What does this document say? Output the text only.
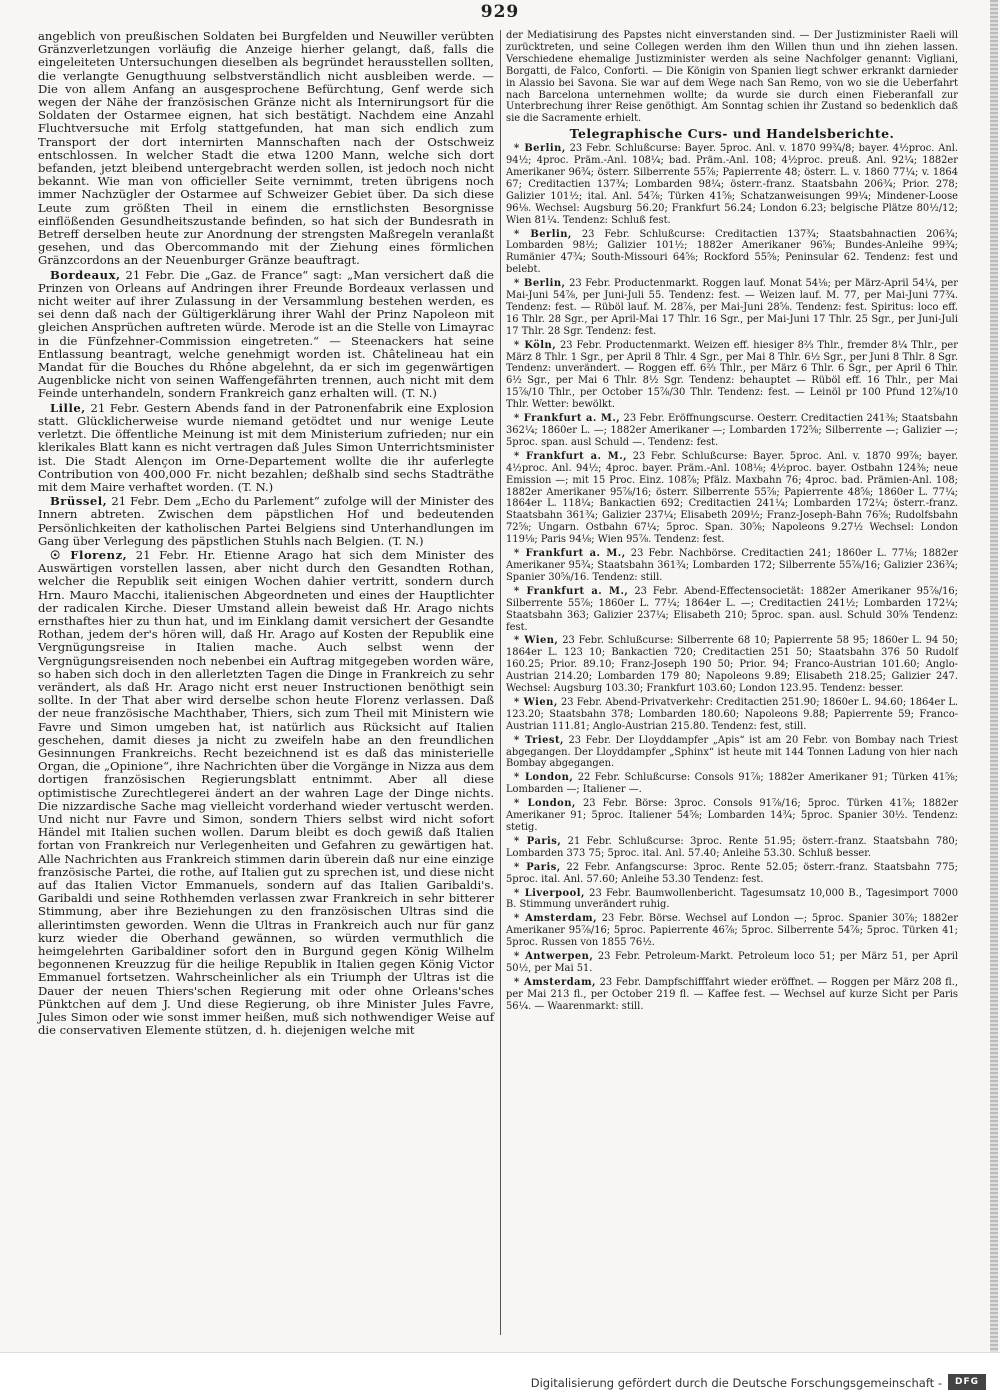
929

angeblich von preußischen Soldaten bei Burgfelden und Neuwiller verübten Gränzverletzungen vorläufig die Anzeige hierher gelangt, daß, falls die eingeleiteten Untersuchungen dieselben als begründet herausstellen sollten, die verlangte Genugthuung selbstverständlich nicht ausbleiben werde. — Die von allem Anfang an ausgesprochene Befürchtung, Genf werde sich wegen der Nähe der französischen Gränze nicht als Internirungsort für die Soldaten der Ostarmee eignen, hat sich bestätigt. Nachdem eine Anzahl Fluchtversuche mit Erfolg stattgefunden, hat man sich endlich zum Transport der dort internirten Mannschaften nach der Ostschweiz entschlossen. In welcher Stadt die etwa 1200 Mann, welche sich dort befanden, jetzt bleibend untergebracht werden sollen, ist jedoch noch nicht bekannt. Wie man von officieller Seite vernimmt, treten übrigens noch immer Nachzügler der Ostarmee auf Schweizer Gebiet über. Da sich diese Leute zum größten Theil in einem die ernstlichsten Besorgnisse einflößenden Gesundheitszustande befinden, so hat sich der Bundesrath in Betreff derselben heute zur Anordnung der strengsten Maßregeln veranlaßt gesehen, und das Obercommando mit der Ziehung eines förmlichen Gränzcordons an der Neuenburger Gränze beauftragt.

Bordeaux, 21 Febr. Die „Gaz. de France“ sagt: „Man versichert daß die Prinzen von Orleans auf Andringen ihrer Freunde Bordeaux verlassen und nicht weiter auf ihrer Zulassung in der Versammlung bestehen werden, es sei denn daß nach der Gültigerklärung ihrer Wahl der Prinz Napoleon mit gleichen Ansprüchen auftreten würde. Merode ist an die Stelle von Limayrac in die Fünfzehner-Commission eingetreten.“ — Steenackers hat seine Entlassung beantragt, welche genehmigt worden ist. Châtelineau hat ein Mandat für die Bouches du Rhône abgelehnt, da er sich im gegenwärtigen Augenblicke nicht von seinen Waffengefährten trennen, auch nicht mit dem Feinde unterhandeln, sondern Frankreich ganz erhalten will. (T. N.)

Lille, 21 Febr. Gestern Abends fand in der Patronenfabrik eine Explosion statt. Glücklicherweise wurde niemand getödtet und nur wenige Leute verletzt. Die öffentliche Meinung ist mit dem Ministerium zufrieden; nur ein klerikales Blatt kann es nicht vertragen daß Jules Simon Unterrichtsminister ist. Die Stadt Alençon im Orne-Departement wollte die ihr auferlegte Contribution von 400,000 Fr. nicht bezahlen; deßhalb sind sechs Stadträthe mit dem Maire verhaftet worden. (T. N.)

Brüssel, 21 Febr. Dem „Echo du Parlement“ zufolge will der Minister des Innern abtreten. Zwischen dem päpstlichen Hof und bedeutenden Persönlichkeiten der katholischen Partei Belgiens sind Unterhandlungen im Gang über Verlegung des päpstlichen Stuhls nach Belgien. (T. N.)

☉ Florenz, 21 Febr. Hr. Etienne Arago hat sich dem Minister des Auswärtigen vorstellen lassen, aber nicht durch den Gesandten Rothan, welcher die Republik seit einigen Wochen dahier vertritt, sondern durch Hrn. Mauro Macchi, italienischen Abgeordneten und eines der Hauptlichter der radicalen Kirche. Dieser Umstand allein beweist daß Hr. Arago nichts ernsthaftes hier zu thun hat, und im Einklang damit versichert der Gesandte Rothan, jedem der's hören will, daß Hr. Arago auf Kosten der Republik eine Vergnügungsreise in Italien mache. Auch selbst wenn der Vergnügungsreisenden noch nebenbei ein Auftrag mitgegeben worden wäre, so haben sich doch in den allerletzten Tagen die Dinge in Frankreich zu sehr verändert, als daß Hr. Arago nicht erst neuer Instructionen benöthigt sein sollte. In der That aber wird derselbe schon heute Florenz verlassen. Daß der neue französische Machthaber, Thiers, sich zum Theil mit Ministern wie Favre und Simon umgeben hat, ist natürlich aus Rücksicht auf Italien geschehen, damit dieses ja nicht zu zweifeln habe an den freundlichen Gesinnungen Frankreichs. Recht bezeichnend ist es daß das ministerielle Organ, die „Opinione“, ihre Nachrichten über die Vorgänge in Nizza aus dem dortigen französischen Regierungsblatt entnimmt. Aber all diese optimistische Zurechtlegerei ändert an der wahren Lage der Dinge nichts. Die nizzardische Sache mag vielleicht vorderhand wieder vertuscht werden. Und nicht nur Favre und Simon, sondern Thiers selbst wird nicht sofort Händel mit Italien suchen wollen. Darum bleibt es doch gewiß daß Italien fortan von Frankreich nur Verlegenheiten und Gefahren zu gewärtigen hat. Alle Nachrichten aus Frankreich stimmen darin überein daß nur eine einzige französische Partei, die rothe, auf Italien gut zu sprechen ist, und diese nicht auf das Italien Victor Emmanuels, sondern auf das Italien Garibaldi's. Garibaldi und seine Rothhemden verlassen zwar Frankreich in sehr bitterer Stimmung, aber ihre Beziehungen zu den französischen Ultras sind die allerintimsten geworden. Wenn die Ultras in Frankreich auch nur für ganz kurz wieder die Oberhand gewännen, so würden vermuthlich die heimgelehrten Garibaldiner sofort den in Burgund gegen König Wilhelm begonnenen Kreuzzug für die heilige Republik in Italien gegen König Victor Emmanuel fortsetzen. Wahrscheinlicher als ein Triumph der Ultras ist die Dauer der neuen Thiers'schen Regierung mit oder ohne Orleans'sches Pünktchen auf dem J. Und diese Regierung, ob ihre Minister Jules Favre, Jules Simon oder wie sonst immer heißen, muß sich nothwendiger Weise auf die conservativen Elemente stützen, d. h. diejenigen welche mit

der Mediatisirung des Papstes nicht einverstanden sind. — Der Justizminister Raeli will zurücktreten, und seine Collegen werden ihm den Willen thun und ihn ziehen lassen. Verschiedene ehemalige Justizminister werden als seine Nachfolger genannt: Vigliani, Borgatti, de Falco, Conforti. — Die Königin von Spanien liegt schwer erkrankt darnieder in Alassio bei Savona. Sie war auf dem Wege nach San Remo, von wo sie die Ueberfahrt nach Barcelona unternehmen wollte; da wurde sie durch einen Fieberanfall zur Unterbrechung ihrer Reise genöthigt. Am Sonntag schien ihr Zustand so bedenklich daß sie die Sacramente erhielt.

Telegraphische Curs- und Handelsberichte.

* Berlin, 23 Febr. Schlußcurse: Bayer. 5proc. Anl. v. 1870 99¾/8; bayer. 4½proc. Anl. 94½; 4proc. Präm.-Anl. 108¼; bad. Präm.-Anl. 108; 4½proc. preuß. Anl. 92¼; 1882er Amerikaner 96¾; österr. Silberrente 55⅞; Papierrente 48; österr. L. v. 1860 77¼; v. 1864 67; Creditactien 137¾; Lombarden 98¼; österr.-franz. Staatsbahn 206¾; Prior. 278; Galizier 101½; ital. Anl. 54⅞; Türken 41⅝; Schatzanweisungen 99¼; Mindener-Loose 96⅛. Wechsel: Augsburg 56.20; Frankfurt 56.24; London 6.23; belgische Plätze 80½/12; Wien 81¼. Tendenz: Schluß fest.

* Berlin, 23 Febr. Schlußcurse: Creditactien 137¾; Staatsbahnactien 206¾; Lombarden 98½; Galizier 101½; 1882er Amerikaner 96⅝; Bundes-Anleihe 99¾; Rumänier 47¾; South-Missouri 64⅝; Rockford 55⅝; Peninsular 62. Tendenz: fest und belebt.

* Berlin, 23 Febr. Productenmarkt. Roggen lauf. Monat 54⅛; per März-April 54¼, per Mai-Juni 54⅞, per Juni-Juli 55. Tendenz: fest. — Weizen lauf. M. 77, per Mai-Juni 77¾. Tendenz: fest. — Rüböl lauf. M. 28⅞, per Mai-Juni 28⅝. Tendenz: fest. Spiritus: loco eff. 16 Thlr. 28 Sgr., per April-Mai 17 Thlr. 16 Sgr., per Mai-Juni 17 Thlr. 25 Sgr., per Juni-Juli 17 Thlr. 28 Sgr. Tendenz: fest.

* Köln, 23 Febr. Productenmarkt. Weizen eff. hiesiger 8⅔ Thlr., fremder 8¼ Thlr., per März 8 Thlr. 1 Sgr., per April 8 Thlr. 4 Sgr., per Mai 8 Thlr. 6½ Sgr., per Juni 8 Thlr. 8 Sgr. Tendenz: unverändert. — Roggen eff. 6⅔ Thlr., per März 6 Thlr. 6 Sgr., per April 6 Thlr. 6½ Sgr., per Mai 6 Thlr. 8½ Sgr. Tendenz: behauptet — Rüböl eff. 16 Thlr., per Mai 15⅞/10 Thlr., per October 15⅞/30 Thlr. Tendenz: fest. — Leinöl pr 100 Pfund 12⅞/10 Thlr. Wetter: bewölkt.

* Frankfurt a. M., 23 Febr. Eröffnungscurse. Oesterr. Creditactien 241⅜; Staatsbahn 362¼; 1860er L. —; 1882er Amerikaner —; Lombarden 172⅝; Silberrente —; Galizier —; 5proc. span. ausl Schuld —. Tendenz: fest.

* Frankfurt a. M., 23 Febr. Schlußcurse: Bayer. 5proc. Anl. v. 1870 99⅞; bayer. 4½proc. Anl. 94½; 4proc. bayer. Präm.-Anl. 108⅛; 4½proc. bayer. Ostbahn 124⅜; neue Emission —; mit 15 Proc. Einz. 108⅞; Pfälz. Maxbahn 76; 4proc. bad. Prämien-Anl. 108; 1882er Amerikaner 95⅞/16; österr. Silberrente 55⅞; Papierrente 48⅝; 1860er L. 77¼; 1864er L. 118¼; Bankactien 692; Creditactien 241¼; Lombarden 172¼; österr.-franz. Staatsbahn 361¾; Galizier 237¼; Elisabeth 209½; Franz-Joseph-Bahn 76⅝; Rudolfsbahn 72⅝; Ungarn. Ostbahn 67¼; 5proc. Span. 30⅝; Napoleons 9.27½ Wechsel: London 119⅛; Paris 94⅛; Wien 95⅞. Tendenz: fest.

* Frankfurt a. M., 23 Febr. Nachbörse. Creditactien 241; 1860er L. 77⅛; 1882er Amerikaner 95¾; Staatsbahn 361¾; Lombarden 172; Silberrente 55⅞/16; Galizier 236¾; Spanier 30⅝/16. Tendenz: still.

* Frankfurt a. M., 23 Febr. Abend-Effectensocietät: 1882er Amerikaner 95⅞/16; Silberrente 55⅞; 1860er L. 77¼; 1864er L. —; Creditactien 241½; Lombarden 172¼; Staatsbahn 363; Galizier 237¼; Elisabeth 210; 5proc. span. ausl. Schuld 30⅝ Tendenz: fest.

* Wien, 23 Febr. Schlußcurse: Silberrente 68 10; Papierrente 58 95; 1860er L. 94 50; 1864er L. 123 10; Bankactien 720; Creditactien 251 50; Staatsbahn 376 50 Rudolf 160.25; Prior. 89.10; Franz-Joseph 190 50; Prior. 94; Franco-Austrian 101.60; Anglo-Austrian 214.20; Lombarden 179 80; Napoleons 9.89; Elisabeth 218.25; Galizier 247. Wechsel: Augsburg 103.30; Frankfurt 103.60; London 123.95. Tendenz: besser.

* Wien, 23 Febr. Abend-Privatverkehr: Creditactien 251.90; 1860er L. 94.60; 1864er L. 123.20; Staatsbahn 378; Lombarden 180.60; Napoleons 9.88; Papierrente 59; Franco-Austrian 111.81; Anglo-Austrian 215.80. Tendenz: fest, still.

* Triest, 23 Febr. Der Lloyddampfer „Apis“ ist am 20 Febr. von Bombay nach Triest abgegangen. Der Lloyddampfer „Sphinx“ ist heute mit 144 Tonnen Ladung von hier nach Bombay abgegangen.

* London, 22 Febr. Schlußcurse: Consols 91⅞; 1882er Amerikaner 91; Türken 41⅝; Lombarden —; Italiener —.

* London, 23 Febr. Börse: 3proc. Consols 91⅞/16; 5proc. Türken 41⅞; 1882er Amerikaner 91; 5proc. Italiener 54⅝; Lombarden 14¾; 5proc. Spanier 30½. Tendenz: stetig.

* Paris, 21 Febr. Schlußcurse: 3proc. Rente 51.95; österr.-franz. Staatsbahn 780; Lombarden 373 75; 5proc. ital. Anl. 57.40; Anleihe 53.30. Schluß besser.

* Paris, 22 Febr. Anfangscurse: 3proc. Rente 52.05; österr.-franz. Staatsbahn 775; 5proc. ital. Anl. 57.60; Anleihe 53.30 Tendenz: fest.

* Liverpool, 23 Febr. Baumwollenbericht. Tagesumsatz 10,000 B., Tagesimport 7000 B. Stimmung unverändert ruhig.

* Amsterdam, 23 Febr. Börse. Wechsel auf London —; 5proc. Spanier 30⅞; 1882er Amerikaner 95⅞/16; 5proc. Papierrente 46⅞; 5proc. Silberrente 54⅞; 5proc. Türken 41; 5proc. Russen von 1855 76½.

* Antwerpen, 23 Febr. Petroleum-Markt. Petroleum loco 51; per März 51, per April 50½, per Mai 51.

* Amsterdam, 23 Febr. Dampfschifffahrt wieder eröffnet. — Roggen per März 208 fl., per Mai 213 fl., per October 219 fl. — Kaffee fest. — Wechsel auf kurze Sicht per Paris 56¼. — Waarenmarkt: still.

Digitalisierung gefördert durch die Deutsche Forschungsgemeinschaft -	DFG
